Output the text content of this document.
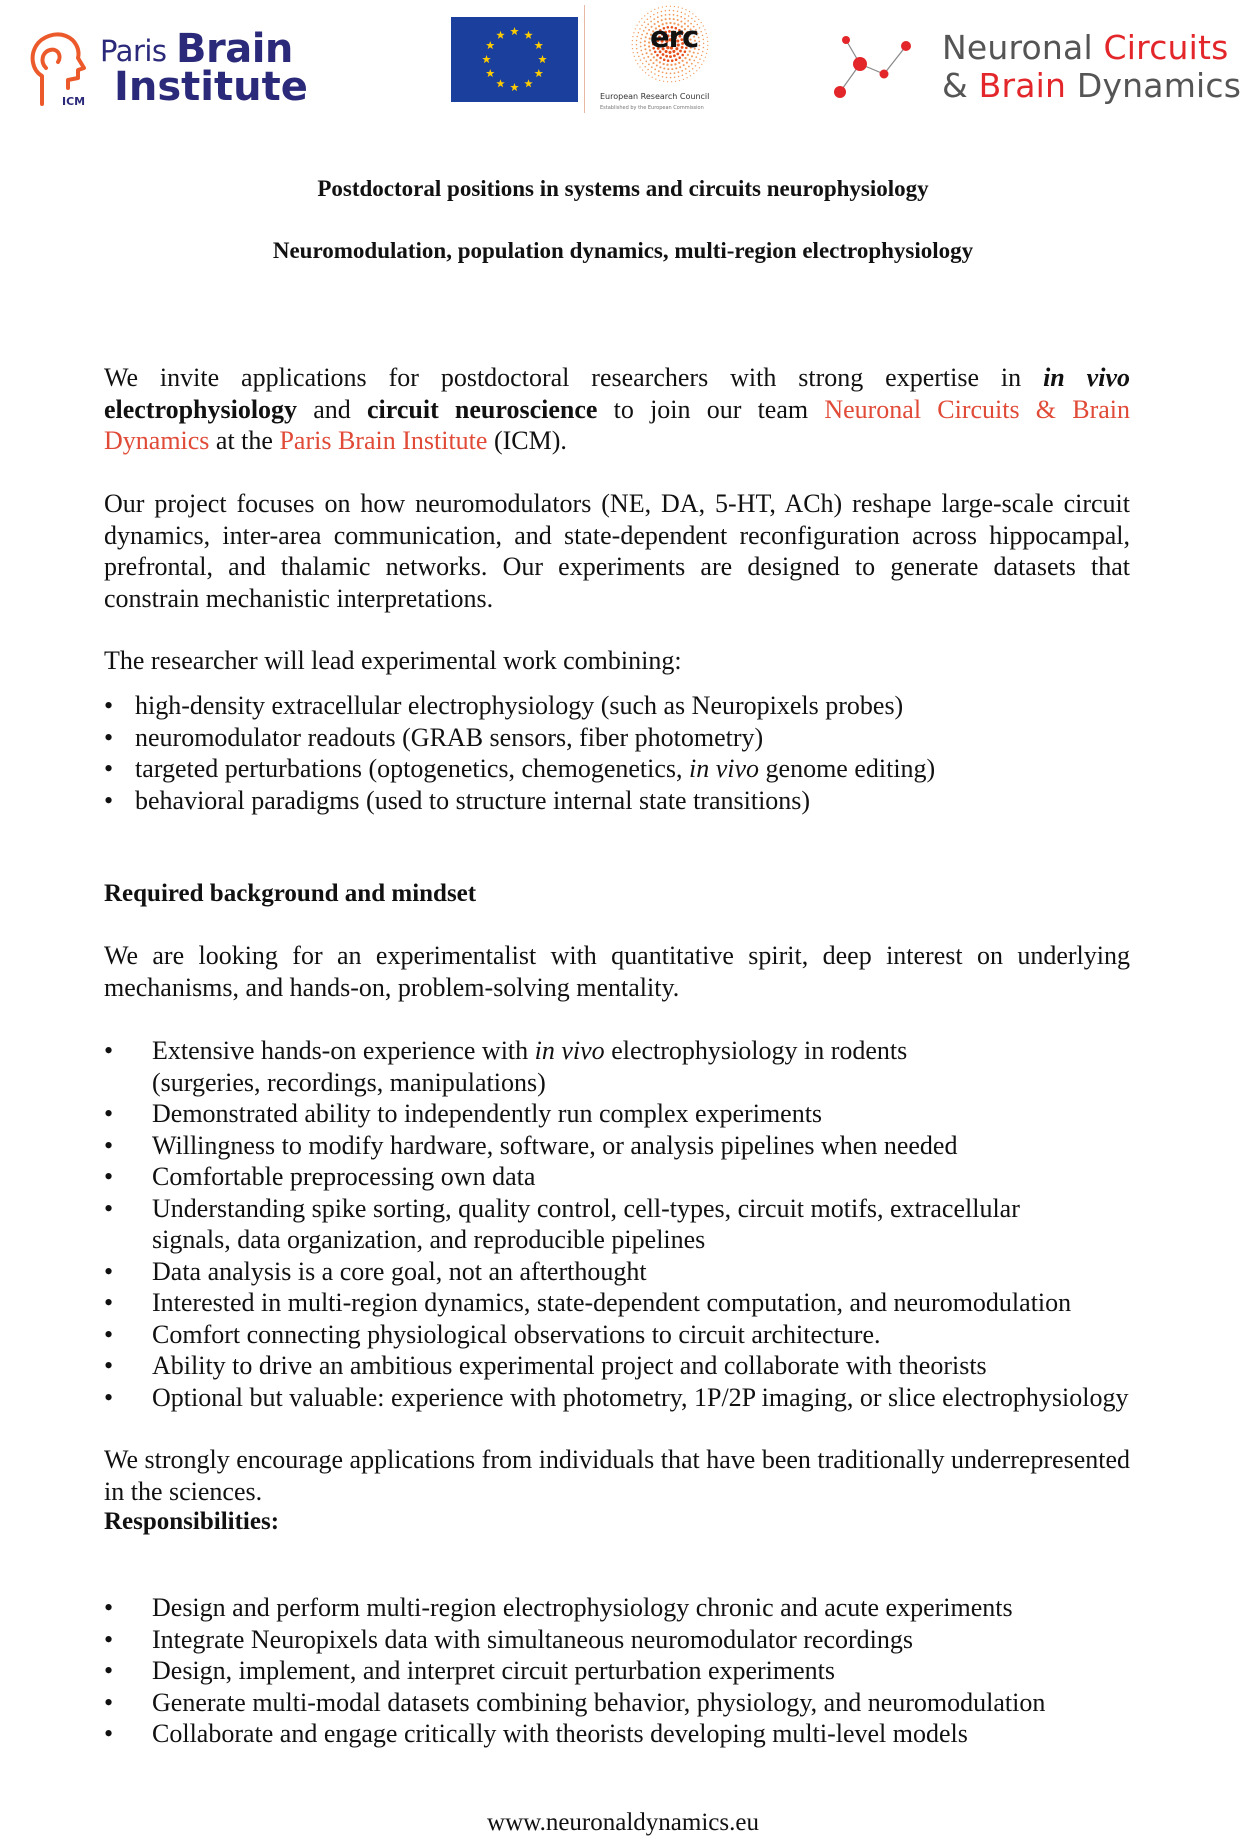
Paris Brain
Institute
ICM
erc
European Research Council
Established by the European Commission
Neuronal Circuits
& Brain Dynamics
Postdoctoral positions in systems and circuits neurophysiology
Neuromodulation, population dynamics, multi-region electrophysiology
We invite applications for postdoctoral researchers with strong expertise in in vivo electrophysiology and circuit neuroscience to join our team Neuronal Circuits & Brain Dynamics at the Paris Brain Institute (ICM).
Our project focuses on how neuromodulators (NE, DA, 5-HT, ACh) reshape large-scale circuit dynamics, inter-area communication, and state-dependent reconfiguration across hippocampal, prefrontal, and thalamic networks. Our experiments are designed to generate datasets that constrain mechanistic interpretations.
The researcher will lead experimental work combining:
• high-density extracellular electrophysiology (such as Neuropixels probes)
• neuromodulator readouts (GRAB sensors, fiber photometry)
• targeted perturbations (optogenetics, chemogenetics, in vivo genome editing)
• behavioral paradigms (used to structure internal state transitions)
Required background and mindset
We are looking for an experimentalist with quantitative spirit, deep interest on underlying mechanisms, and hands-on, problem-solving mentality.
• Extensive hands-on experience with in vivo electrophysiology in rodents
(surgeries, recordings, manipulations)
• Demonstrated ability to independently run complex experiments
• Willingness to modify hardware, software, or analysis pipelines when needed
• Comfortable preprocessing own data
• Understanding spike sorting, quality control, cell-types, circuit motifs, extracellular
signals, data organization, and reproducible pipelines
• Data analysis is a core goal, not an afterthought
• Interested in multi-region dynamics, state-dependent computation, and neuromodulation
• Comfort connecting physiological observations to circuit architecture.
• Ability to drive an ambitious experimental project and collaborate with theorists
• Optional but valuable: experience with photometry, 1P/2P imaging, or slice electrophysiology
We strongly encourage applications from individuals that have been traditionally underrepresented in the sciences.
Responsibilities:
• Design and perform multi-region electrophysiology chronic and acute experiments
• Integrate Neuropixels data with simultaneous neuromodulator recordings
• Design, implement, and interpret circuit perturbation experiments
• Generate multi-modal datasets combining behavior, physiology, and neuromodulation
• Collaborate and engage critically with theorists developing multi-level models
www.neuronaldynamics.eu
